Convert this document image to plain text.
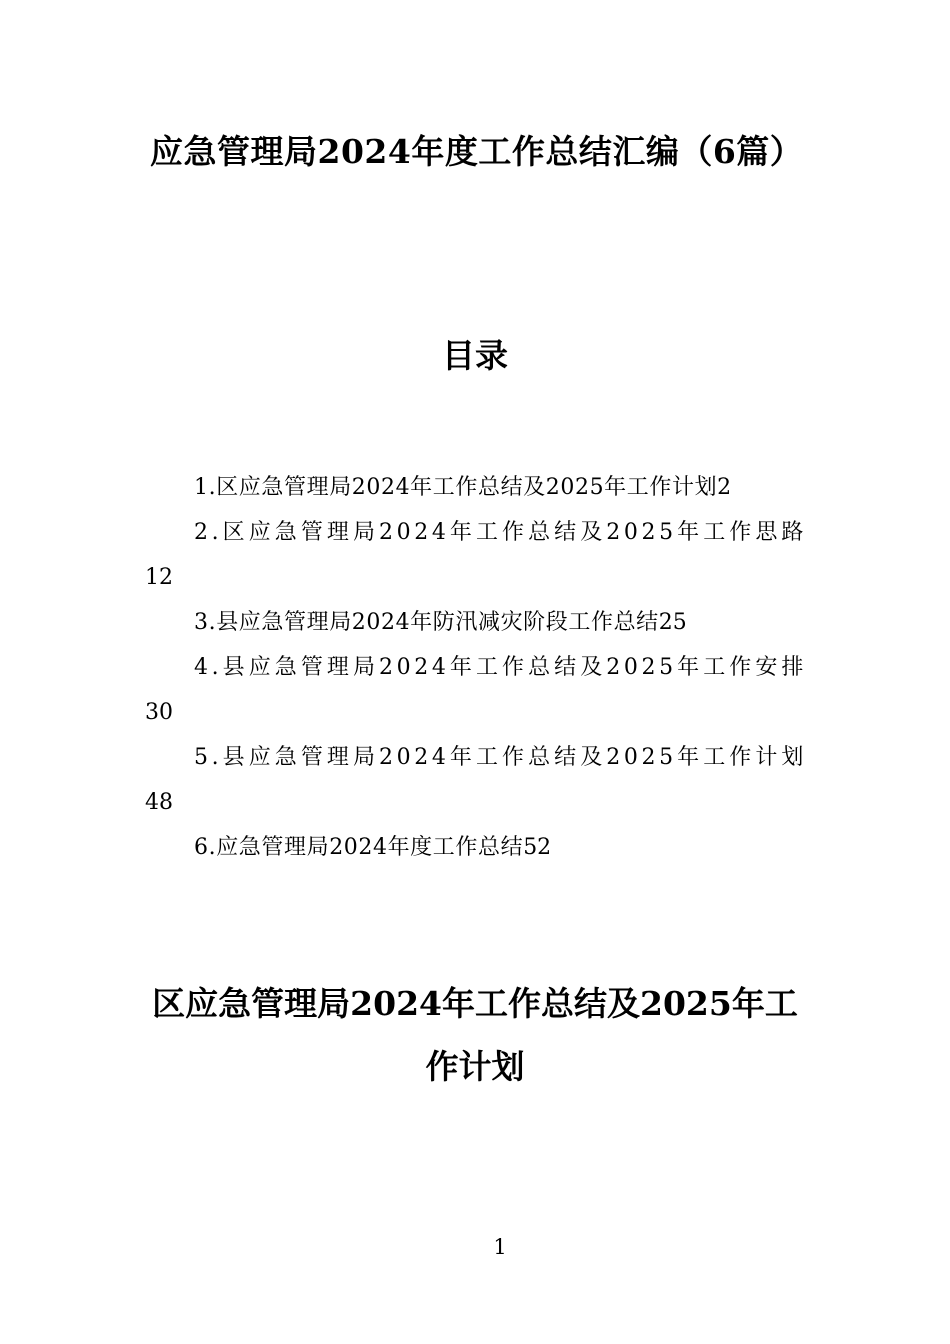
应急管理局2024年度工作总结汇编（6篇）
目录
1.区应急管理局2024年工作总结及2025年工作计划2
2.区应急管理局2024年工作总结及2025年工作思路12
3.县应急管理局2024年防汛减灾阶段工作总结25
4.县应急管理局2024年工作总结及2025年工作安排30
5.县应急管理局2024年工作总结及2025年工作计划48
6.应急管理局2024年度工作总结52
区应急管理局2024年工作总结及2025年工作计划
1
